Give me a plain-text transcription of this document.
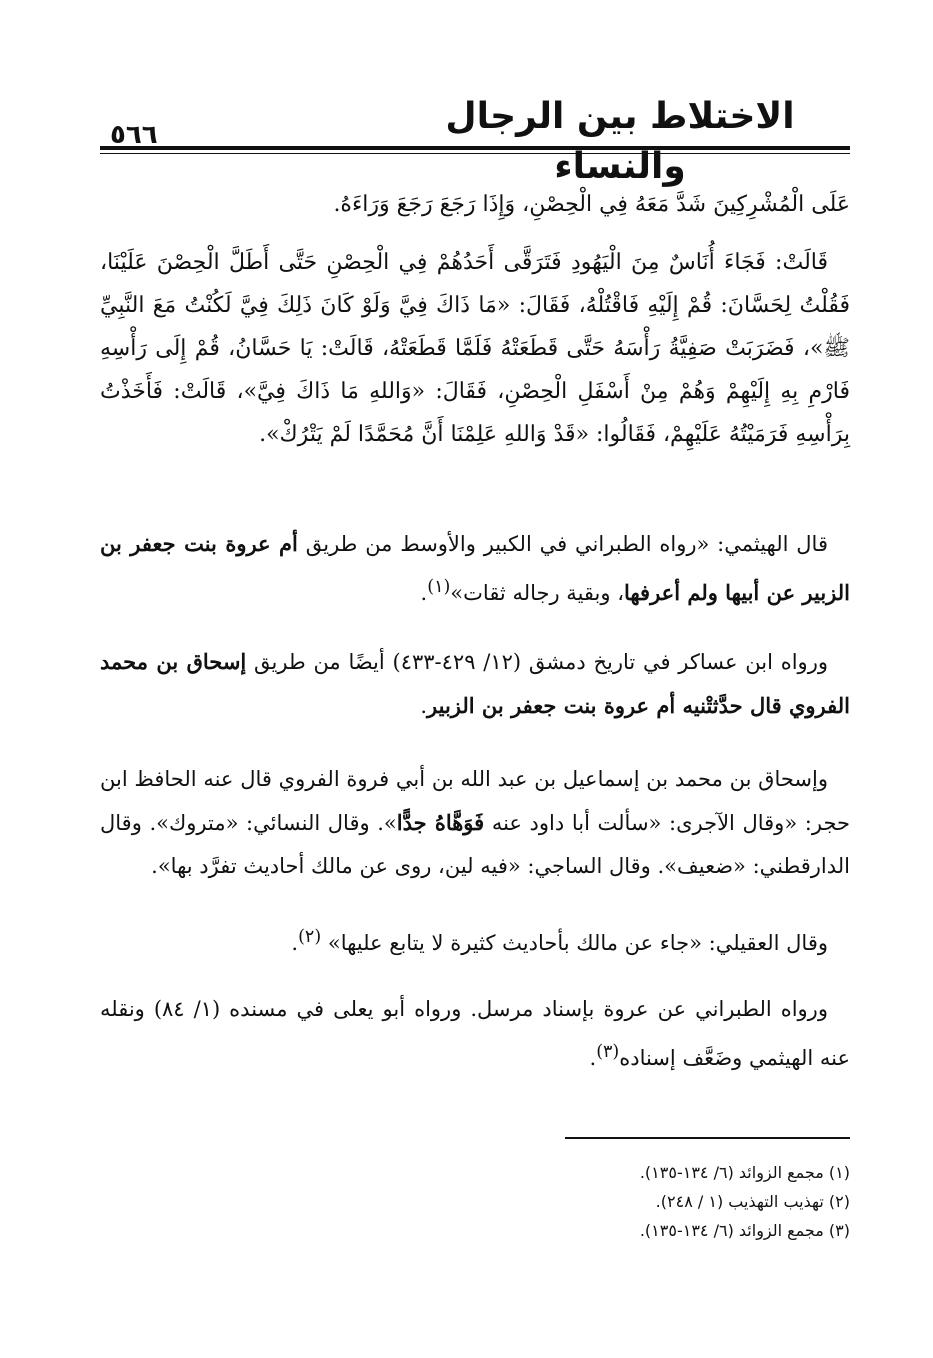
الاختلاط بين الرجال والنساء
٥٦٦

عَلَى الْمُشْرِكِينَ شَدَّ مَعَهُ فِي الْحِصْنِ، وَإِذَا رَجَعَ رَجَعَ وَرَاءَهُ.

قَالَتْ: فَجَاءَ أُنَاسٌ مِنَ الْيَهُودِ فَتَرَقَّى أَحَدُهُمْ فِي الْحِصْنِ حَتَّى أَطَلَّ الْحِصْنَ عَلَيْنَا، فَقُلْتُ لِحَسَّانَ: قُمْ إِلَيْهِ فَاقْتُلْهُ، فَقَالَ: «مَا ذَاكَ فِيَّ وَلَوْ كَانَ ذَلِكَ فِيَّ لَكُنْتُ مَعَ النَّبِيِّ ﷺ»، فَضَرَبَتْ صَفِيَّةُ رَأْسَهُ حَتَّى قَطَعَتْهُ فَلَمَّا قَطَعَتْهُ، قَالَتْ: يَا حَسَّانُ، قُمْ إِلَى رَأْسِهِ فَارْمِ بِهِ إِلَيْهِمْ وَهُمْ مِنْ أَسْفَلِ الْحِصْنِ، فَقَالَ: «وَاللهِ مَا ذَاكَ فِيَّ»، قَالَتْ: فَأَخَذْتُ بِرَأْسِهِ فَرَمَيْتُهُ عَلَيْهِمْ، فَقَالُوا: «قَدْ وَاللهِ عَلِمْنَا أَنَّ مُحَمَّدًا لَمْ يَتْرُكْ».

قال الهيثمي: «رواه الطبراني في الكبير والأوسط من طريق أم عروة بنت جعفر بن الزبير عن أبيها ولم أعرفها، وبقية رجاله ثقات»$^{(١)}$.

ورواه ابن عساكر في تاريخ دمشق (١٢/ ٤٢٩-٤٣٣) أيضًا من طريق إسحاق بن محمد الفروي قال حدَّثتْنيه أم عروة بنت جعفر بن الزبير.

وإسحاق بن محمد بن إسماعيل بن عبد الله بن أبي فروة الفروي قال عنه الحافظ ابن حجر: «وقال الآجرى: «سألت أبا داود عنه فَوَهَّاهُ جدًّا». وقال النسائي: «متروك». وقال الدارقطني: «ضعيف». وقال الساجي: «فيه لين، روى عن مالك أحاديث تفرَّد بها».

وقال العقيلي: «جاء عن مالك بأحاديث كثيرة لا يتابع عليها» $^{(٢)}$.

ورواه الطبراني عن عروة بإسناد مرسل. ورواه أبو يعلى في مسنده (١/ ٨٤) ونقله عنه الهيثمي وضَعَّف إسناده$^{(٣)}$.

(١) مجمع الزوائد (٦/ ١٣٤-١٣٥).
(٢) تهذيب التهذيب (١ / ٢٤٨).
(٣) مجمع الزوائد (٦/ ١٣٤-١٣٥).
